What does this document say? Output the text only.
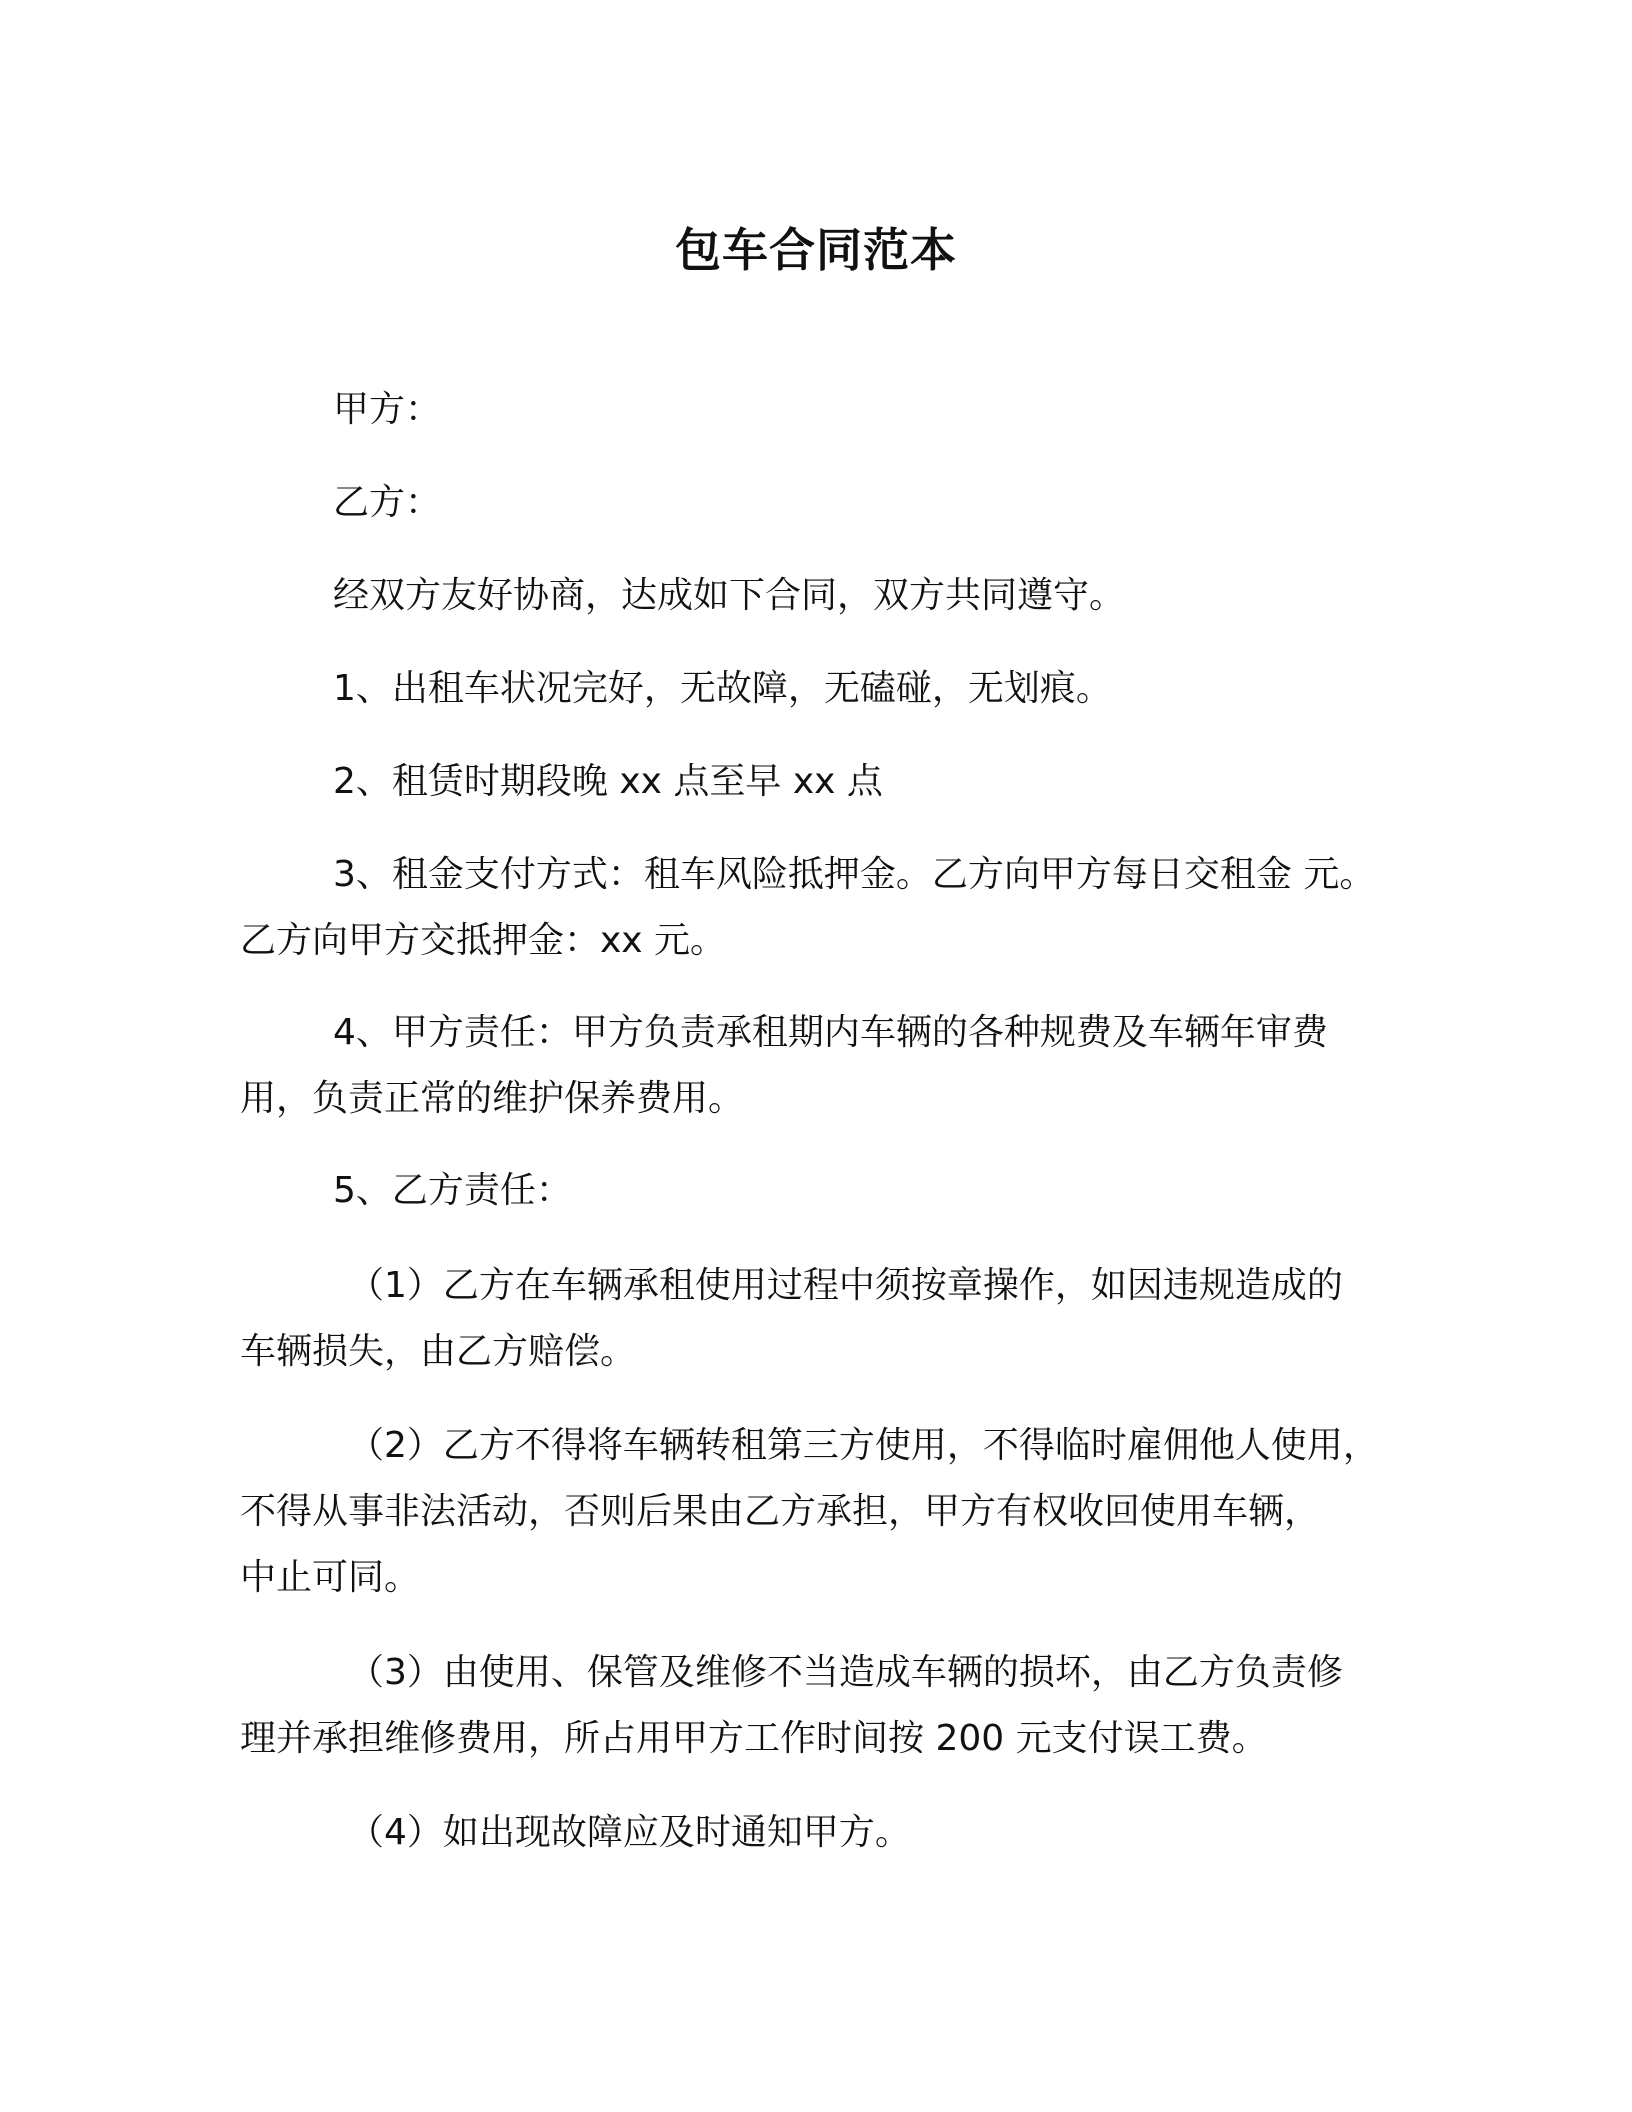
包车合同范本
甲方：
乙方：
经双方友好协商，达成如下合同，双方共同遵守。
1、出租车状况完好，无故障，无磕碰，无划痕。
2、租赁时期段晚 xx 点至早 xx 点
3、租金支付方式：租车风险抵押金。乙方向甲方每日交租金 元。
乙方向甲方交抵押金：xx 元。
4、甲方责任：甲方负责承租期内车辆的各种规费及车辆年审费
用，负责正常的维护保养费用。
5、乙方责任：
（1）乙方在车辆承租使用过程中须按章操作，如因违规造成的
车辆损失，由乙方赔偿。
（2）乙方不得将车辆转租第三方使用，不得临时雇佣他人使用，
不得从事非法活动，否则后果由乙方承担，甲方有权收回使用车辆，
中止可同。
（3）由使用、保管及维修不当造成车辆的损坏，由乙方负责修
理并承担维修费用，所占用甲方工作时间按 200 元支付误工费。
（4）如出现故障应及时通知甲方。
